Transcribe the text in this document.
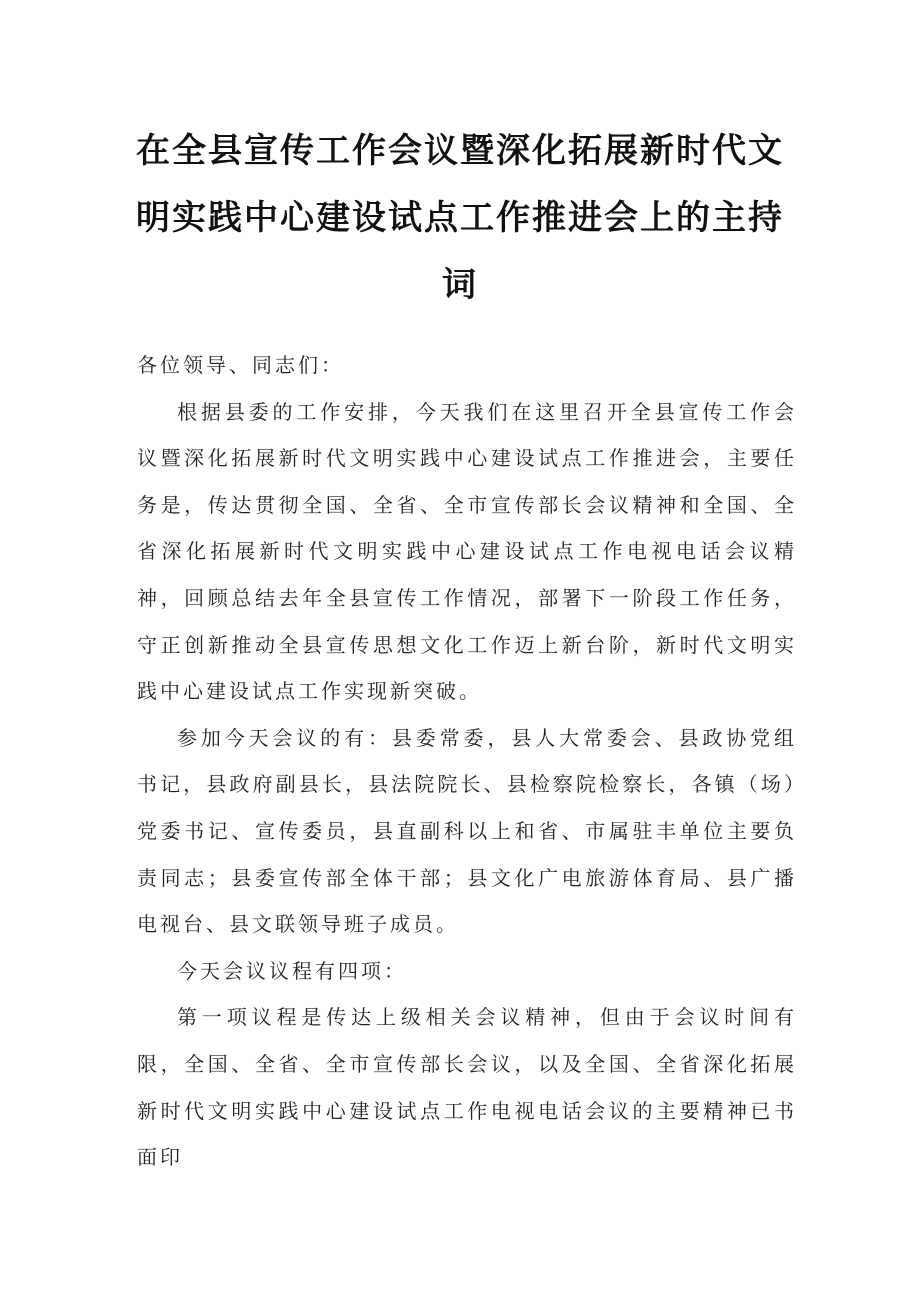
在全县宣传工作会议暨深化拓展新时代文明实践中心建设试点工作推进会上的主持词

各位领导、同志们：

根据县委的工作安排，今天我们在这里召开全县宣传工作会议暨深化拓展新时代文明实践中心建设试点工作推进会，主要任务是，传达贯彻全国、全省、全市宣传部长会议精神和全国、全省深化拓展新时代文明实践中心建设试点工作电视电话会议精神，回顾总结去年全县宣传工作情况，部署下一阶段工作任务，守正创新推动全县宣传思想文化工作迈上新台阶，新时代文明实践中心建设试点工作实现新突破。

参加今天会议的有：县委常委，县人大常委会、县政协党组书记，县政府副县长，县法院院长、县检察院检察长，各镇（场）党委书记、宣传委员，县直副科以上和省、市属驻丰单位主要负责同志；县委宣传部全体干部；县文化广电旅游体育局、县广播电视台、县文联领导班子成员。

今天会议议程有四项：

第一项议程是传达上级相关会议精神，但由于会议时间有限，全国、全省、全市宣传部长会议，以及全国、全省深化拓展新时代文明实践中心建设试点工作电视电话会议的主要精神已书面印
